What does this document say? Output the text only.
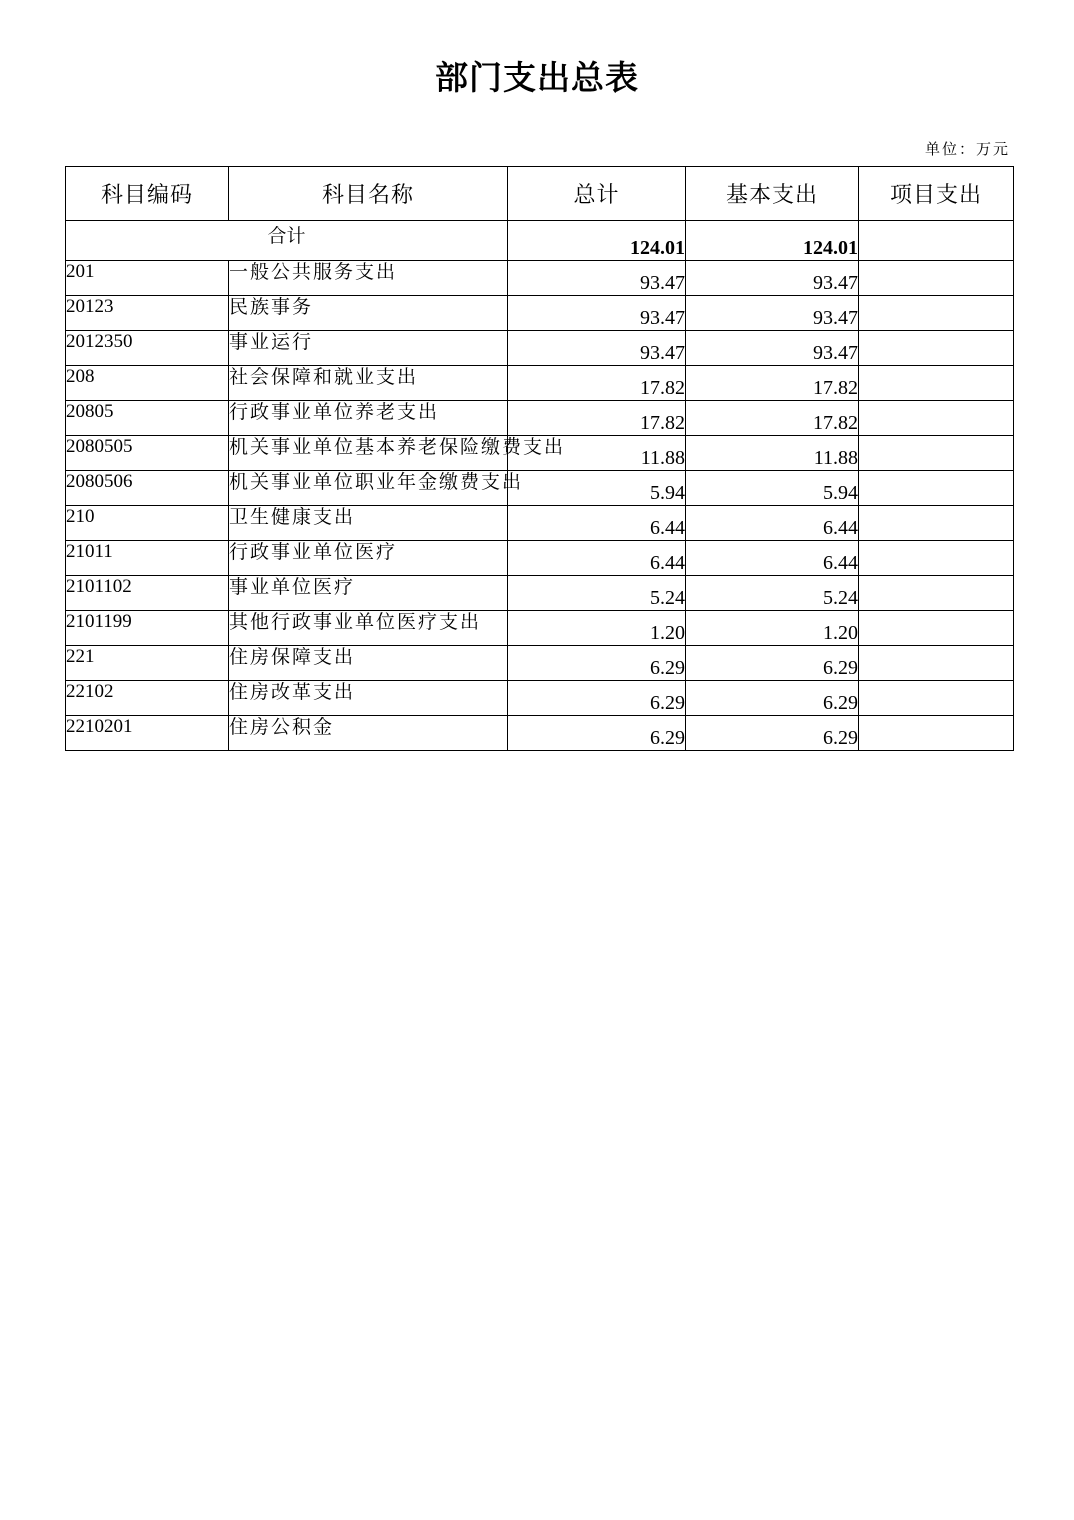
部门支出总表
单位：万元
科目编码	科目名称	总计	基本支出	项目支出
合计		124.01	124.01	
201	一般公共服务支出	93.47	93.47	
20123	民族事务	93.47	93.47	
2012350	事业运行	93.47	93.47	
208	社会保障和就业支出	17.82	17.82	
20805	行政事业单位养老支出	17.82	17.82	
2080505	机关事业单位基本养老保险缴费支出	11.88	11.88	
2080506	机关事业单位职业年金缴费支出	5.94	5.94	
210	卫生健康支出	6.44	6.44	
21011	行政事业单位医疗	6.44	6.44	
2101102	事业单位医疗	5.24	5.24	
2101199	其他行政事业单位医疗支出	1.20	1.20	
221	住房保障支出	6.29	6.29	
22102	住房改革支出	6.29	6.29	
2210201	住房公积金	6.29	6.29	
